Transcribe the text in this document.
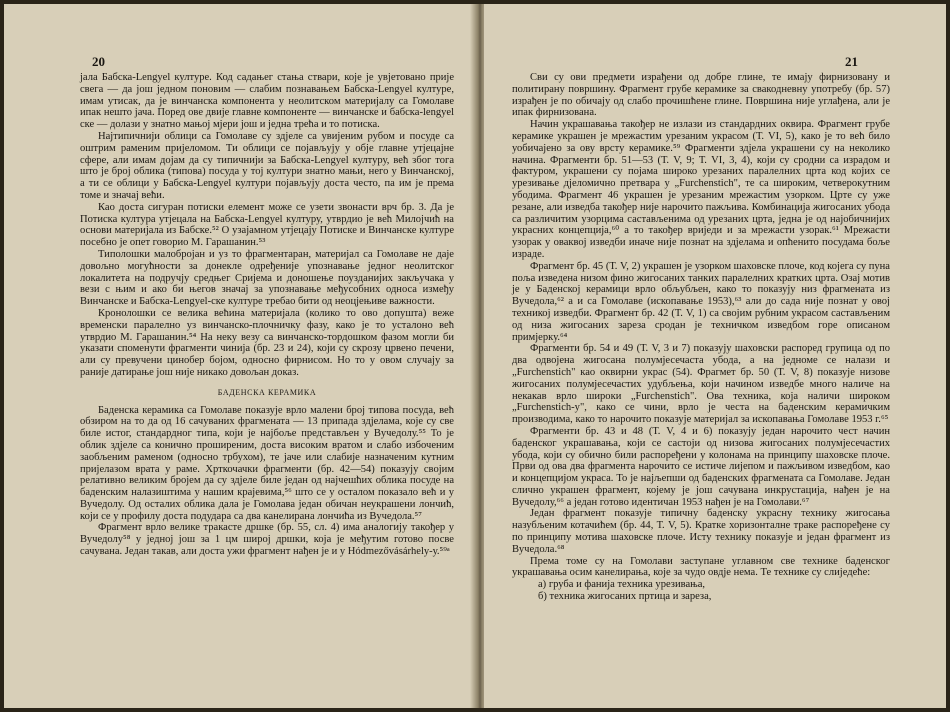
20

јала Бабска-Lengyel културе. Код садањег стања ствари, које је увјетовано прије свега — да још једном поновим — слабим познавањем Бабска-Lengyel културе, имам утисак, да је винчанска компонента у неолитском материјалу са Гомолаве ипак нешто јача. Поред ове двије главне компоненте — винчанске и бабска-lengyel ске — долази у знатно мањој мјери још и једна трећа и то потиска.

Најтипичнији облици са Гомолаве су здјеле са увијеним рубом и посуде са оштрим раменим пријеломом. Ти облици се појављују у обје главне утјецајне сфере, али имам дојам да су типичнији за Бабска-Lengyel културу, већ због тога што је број облика (типова) посуда у тој култури знатно мањи, него у Винчанској, а ти се облици у Бабска-Lengyel култури појављују доста често, па им је према томе и значај већи.

Као доста сигуран потиски елемент може се узети звонасти врч бр. 3. Да је Потиска култура утјецала на Бабска-Lengyel културу, утврдио је већ Милојчић на основи материјала из Бабске.⁵² О узајамном утјецају Потиске и Винчанске културе посебно је опет говорио М. Гарашанин.⁵³

Типолошки малобројан и уз то фрагментаран, материјал са Гомолаве не даје довољно могућности за донекле одређеније упознавање једног неолитског локалитета на подручју средњег Сријема и доношење поузданијих закључака у вези с њим и ако би његов значај за упознавање међусобних односа између Винчанске и Бабска-Lengyel-ске културе требао бити од неоцјењиве важности.

Кронолошки се велика већина материјала (колико то ово допушта) веже временски паралелно уз винчанско-плочничку фазу, како је то усталоно већ утврдио М. Гарашанин.⁵⁴ На неку везу са винчанско-тордошком фазом могли би указати споменути фрагменти чиниjа (бр. 23 и 24), који су скрозу црвено печени, али су превучени цинобер бојом, односно фирнисом. Но то у овом случају за раније датирање још није никако довољан доказ.

БАДЕНСКА КЕРАМИКА

Баденска керамика са Гомолаве показује врло малени број типова посуда, већ обзиром на то да од 16 сачуваних фрагмената — 13 припада здјелама, које су све биле истог, стандардног типа, који је најбоље представљен у Вучедолу.⁵⁵ То је облик здјеле са конично проширеним, доста високим вратом и слабо избоченим заобљеним раменом (односно трбухом), те јаче или слабије назначеним кутним пријелазом врата у раме. Хрткочачки фрагменти (бр. 42—54) показују својим релативно великим бројем да су здјеле биле један од најчешћих облика посуде на баденским налазиштима у нашим крајевима,⁵⁶ што се у осталом показало већ и у Вучедолу. Од осталих облика дала је Гомолава један обичан неукрашени лончић, који се у профилу доста подудара са два канелирана лончића из Вучедола.⁵⁷

Фрагмент врло велике тракасте дршке (бр. 55, сл. 4) има аналогију такођер у Вучедолу⁵⁸ у једној још за 1 цм ширoj дршки, која је међутим готово посве сачувана. Један такав, али доста ужи фрагмент нађен је и у Hódmezővásárhely-у.⁵⁹ᵃ

21

Сви су ови предмети израђени од добре глине, те имају фирнизовану и политирану површину. Фрагмент грубе керамике за свакодневну употребу (бр. 57) израђен је по обичају од слабо прочишћене глине. Површина није углађена, али је ипак фирнизована.

Начин украшавања такођер не излази из стандардних оквира. Фрагмент грубе керамике украшен је мрежастим урезаним украсом (Т. VI, 5), како је то већ било уобичајено за ову врсту керамике.⁵⁹ Фрагменти здјела украшени су на неколико начина. Фрагменти бр. 51—53 (Т. V, 9; Т. VI, 3, 4), који су сродни са израдом и фактуром, украшени су појама широко урезаних паралелних црта код којих се урезивање дјеломично претвара у „Furchenstich", те са широким, четверокутним убодима. Фрагмент 46 украшен је урезаним мрежастим узорком. Црте су уже резане, али изведба такођер није нарочито пажљива. Комбинација жигосаних убода са различитим узорцима састављенима од урезаних црта, једна је од најобичнијих украсних концепција,⁶⁰ а то такођер вриједи и за мрежасти узорак.⁶¹ Мрежасти узорак у оваквој изведби иначе није познат на здјелама и опћенито посудама боље израде.

Фрагмент бр. 45 (Т. V, 2) украшен је узорком шаховске плоче, код којега су пуна поља изведена низом фино жигосаних танких паралелних кратких црта. Озај мотив је у Баденској керамици врло обљубљен, како то показују низ фрагмената из Вучедола,⁶² а и са Гомолаве (ископавање 1953),⁶³ али до сада није познат у овој техникој изведби. Фрагмент бр. 42 (Т. V, 1) са својим рубним украсом састављеним од низа жигосаних зареза сродан је техничком изведбом горе описаном примјерку.⁶⁴

Фрагменти бр. 54 и 49 (Т. V, 3 и 7) показују шаховски распоред групица од по два одвојена жигосана полумјесечаста убода, а на једноме се налази и „Furchenstich" као оквирни украс (54). Фрагмет бр. 50 (Т. V, 8) показује низове жигосаних полумјесечастих удубљења, који начином изведбе много наличе на некакав врло широки „Furchenstich". Ова техника, која наличи широком „Furchenstich-у", како се чини, врло је честа на баденским керамичким производима, како то нарочито показује материјал за ископавања Гомолаве 1953 г.⁶⁵

Фрагменти бр. 43 и 48 (Т. V, 4 и 6) показују један нарочито чест начин баденског украшавања, који се састоји од низова жигосаних полумјесечастих убода, који су обично били распоређени у колонама на принципу шаховске плоче. Први од ова два фрагмента нарочито се истиче лијепом и пажљивом изведбом, као и концепцијом украса. То је најљепши од баденских фрагмената са Гомолаве. Један слично украшен фрагмент, којему је још сачувана инкрустација, нађен је на Вучедолу,⁶⁶ а један готово идентичан 1953 нађен је на Гомолави.⁶⁷

Један фрагмент показује типичну баденску украсну технику жигосања назубљеним котачићем (бр. 44, Т. V, 5). Кратке хоризонталне траке распоређене су по принципу мотива шаховске плоче. Исту технику показује и један фрагмент из Вучедола.⁶⁸

Према томе су на Гомолави заступане углавном све технике баденског украшавања осим канелирања, које за чудо овдје нема. Те технике су слиједеће:

а) груба и фанија техника урезивања,

б) техника жигосаних пртица и зареза,
